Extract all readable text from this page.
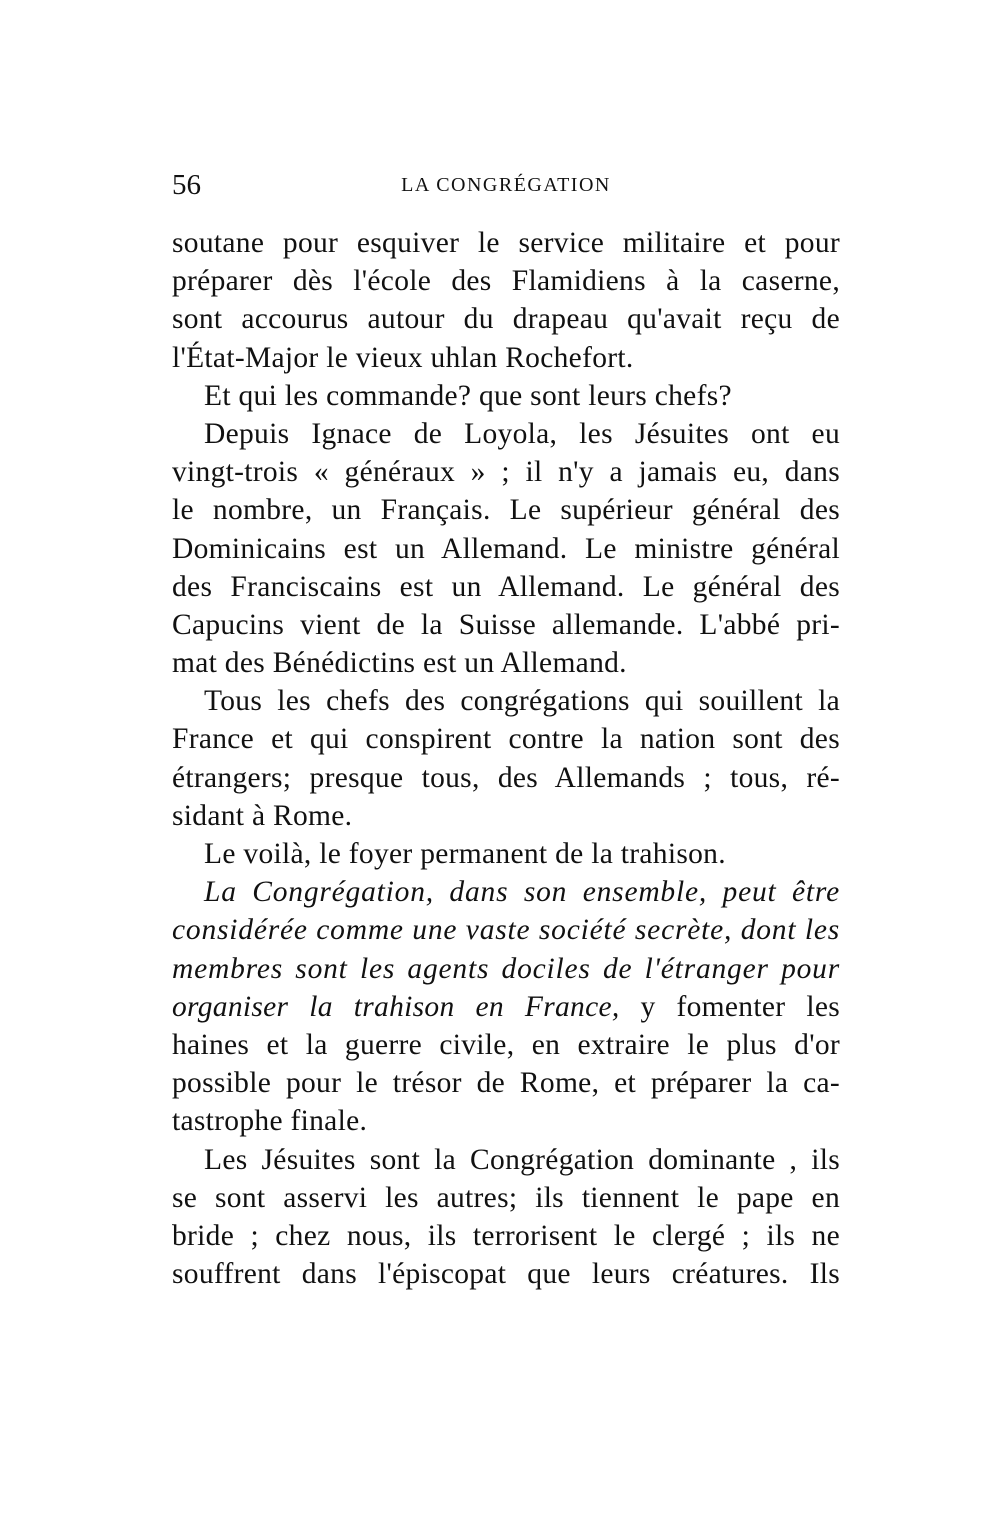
56	LA CONGRÉGATION
soutane pour esquiver le service militaire et pour
préparer dès l'école des Flamidiens à la caserne,
sont accourus autour du drapeau qu'avait reçu de
l'État-Major le vieux uhlan Rochefort.
Et qui les commande? que sont leurs chefs?
Depuis Ignace de Loyola, les Jésuites ont eu
vingt-trois « généraux » ; il n'y a jamais eu, dans
le nombre, un Français. Le supérieur général des
Dominicains est un Allemand. Le ministre général
des Franciscains est un Allemand. Le général des
Capucins vient de la Suisse allemande. L'abbé pri-
mat des Bénédictins est un Allemand.
Tous les chefs des congrégations qui souillent la
France et qui conspirent contre la nation sont des
étrangers; presque tous, des Allemands ; tous, ré-
sidant à Rome.
Le voilà, le foyer permanent de la trahison.
La Congrégation, dans son ensemble, peut être
considérée comme une vaste société secrète, dont les
membres sont les agents dociles de l'étranger pour
organiser la trahison en France, y fomenter les
haines et la guerre civile, en extraire le plus d'or
possible pour le trésor de Rome, et préparer la ca-
tastrophe finale.
Les Jésuites sont la Congrégation dominante , ils
se sont asservi les autres; ils tiennent le pape en
bride ; chez nous, ils terrorisent le clergé ; ils ne
souffrent dans l'épiscopat que leurs créatures. Ils
